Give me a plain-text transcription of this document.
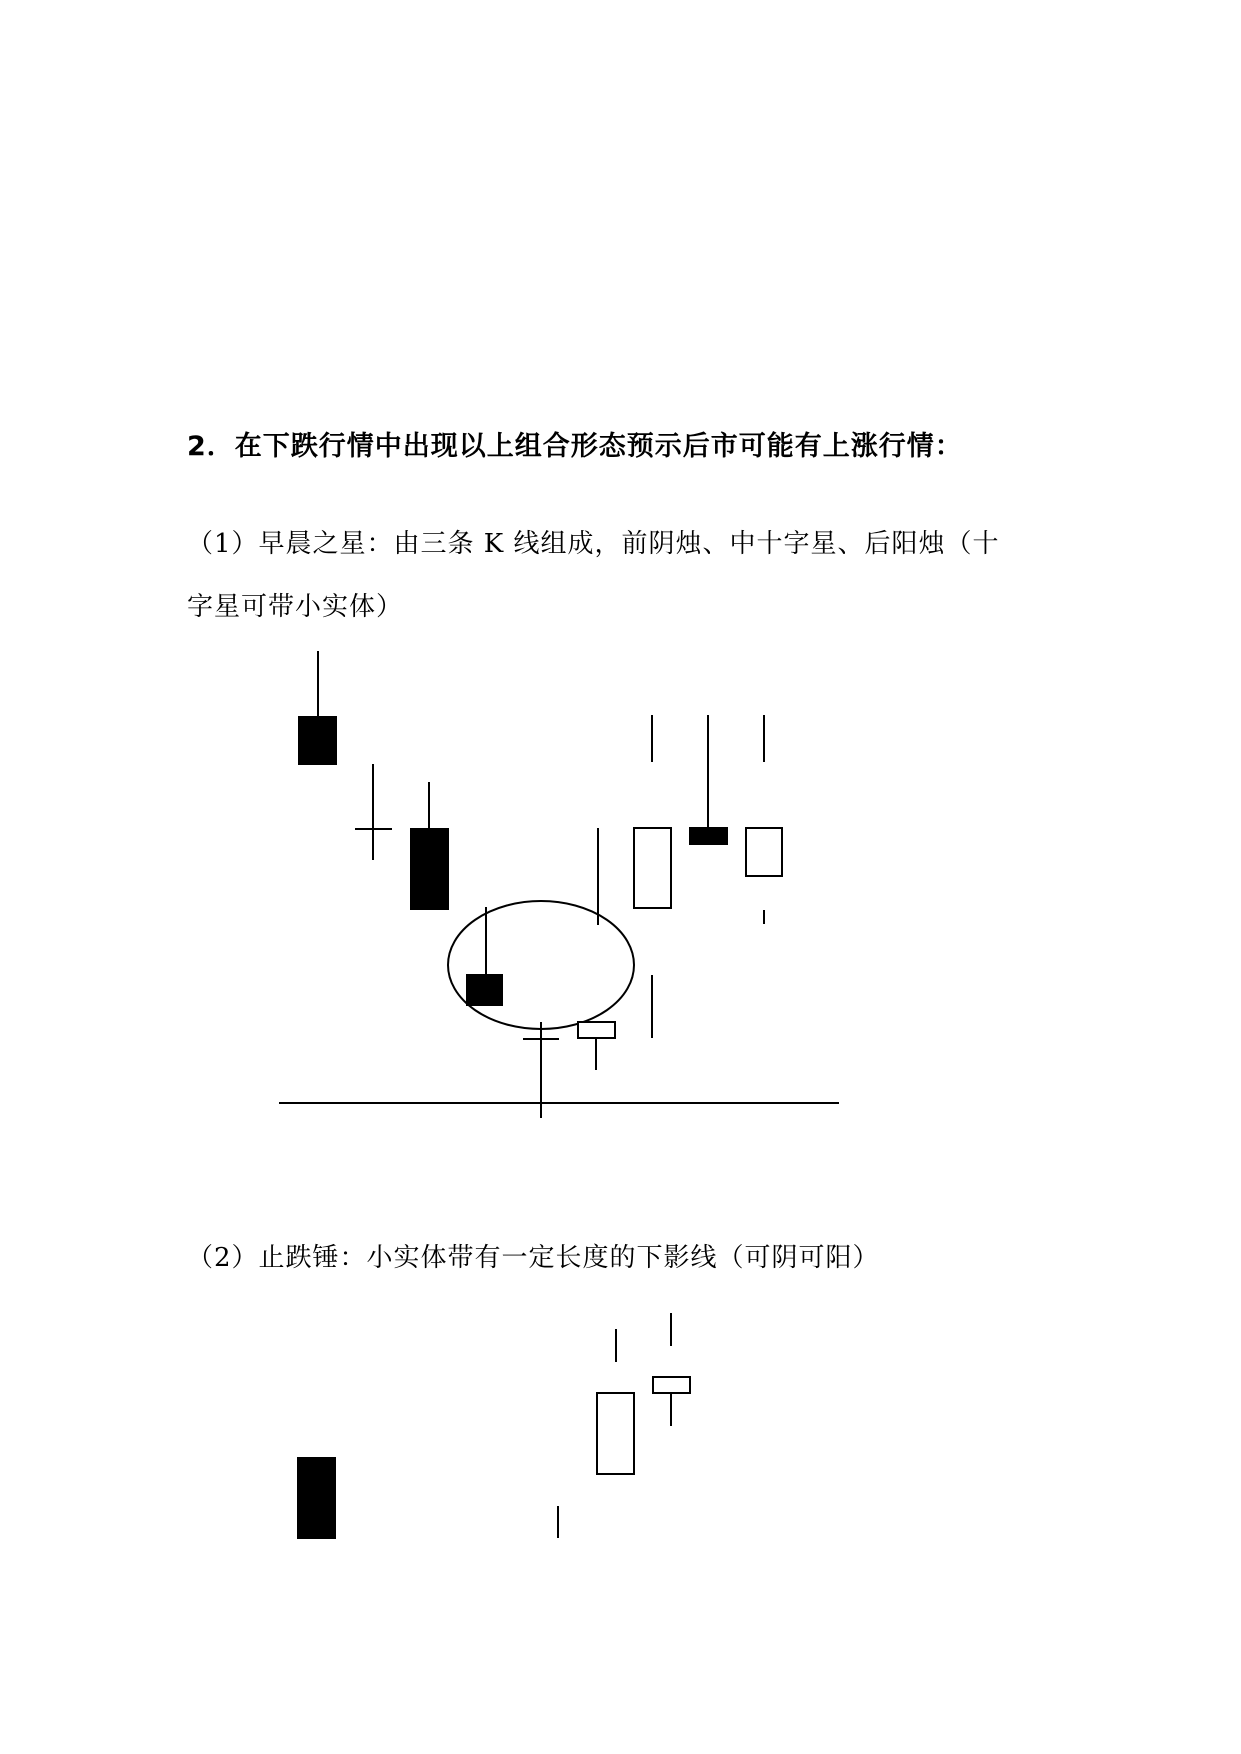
2．在下跌行情中出现以上组合形态预示后市可能有上涨行情：
（1）早晨之星：由三条 K 线组成，前阴烛、中十字星、后阳烛（十
字星可带小实体）
（2）止跌锤：小实体带有一定长度的下影线（可阴可阳）
